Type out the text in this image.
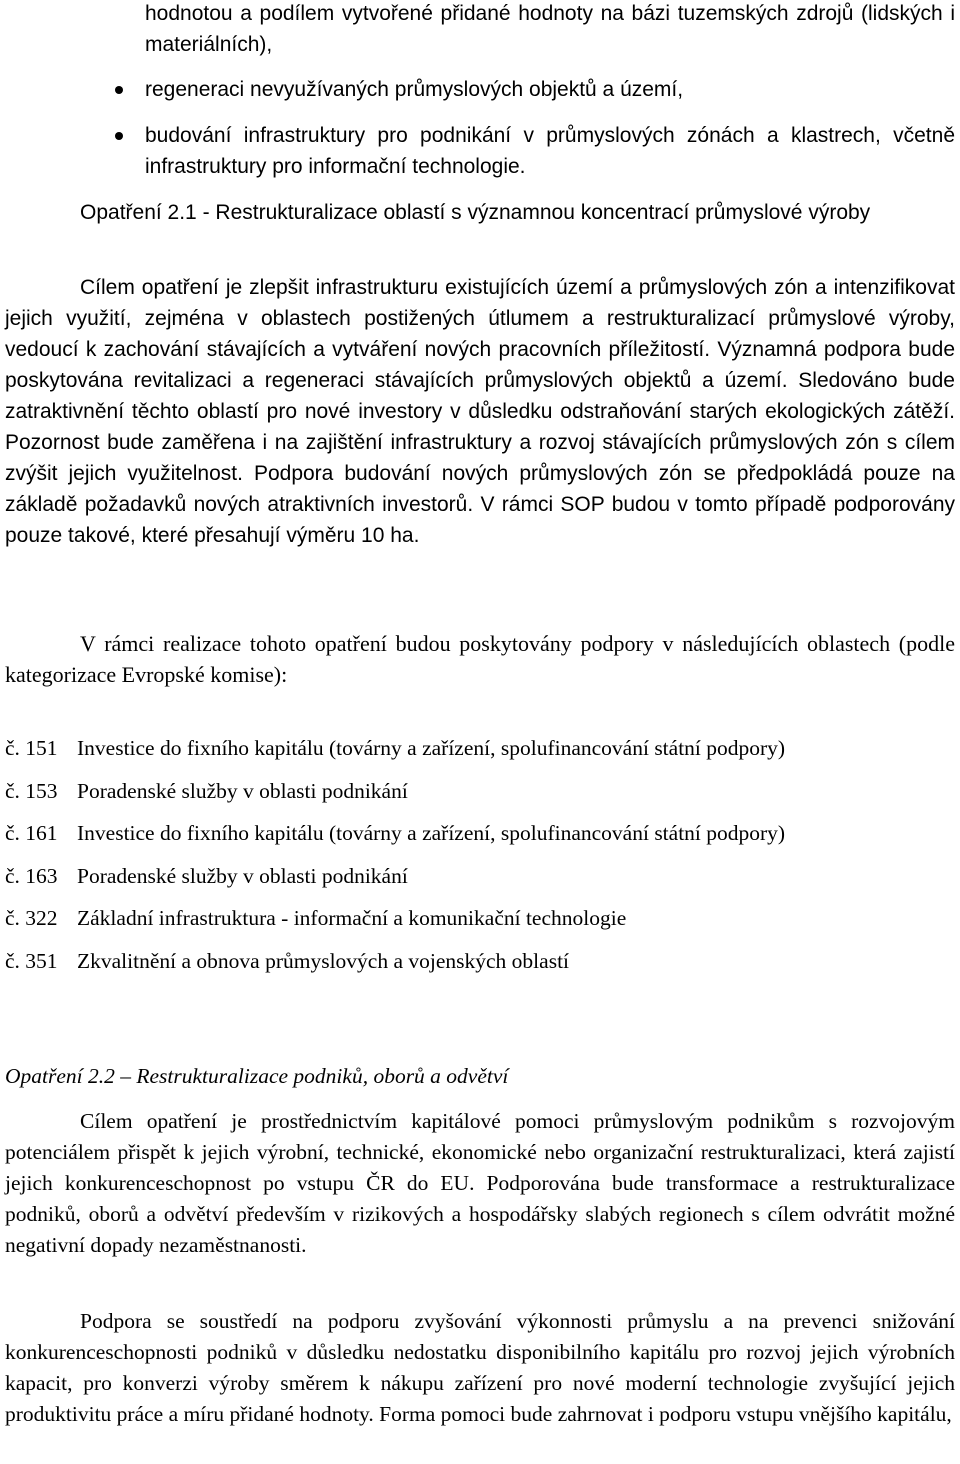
hodnotou a podílem vytvořené přidané hodnoty na bázi tuzemských zdrojů (lidských i materiálních),

regeneraci nevyužívaných průmyslových objektů a území,

budování infrastruktury pro podnikání v průmyslových zónách a klastrech, včetně infrastruktury pro informační technologie.

Opatření 2.1 - Restrukturalizace oblastí s významnou koncentrací průmyslové výroby

Cílem opatření je zlepšit infrastrukturu existujících území a průmyslových zón a intenzifikovat jejich využití, zejména v oblastech postižených útlumem a restrukturalizací průmyslové výroby, vedoucí k zachování stávajících a vytváření nových pracovních příležitostí. Významná podpora bude poskytována revitalizaci a regeneraci stávajících průmyslových objektů a území. Sledováno bude zatraktivnění těchto oblastí pro nové investory v důsledku odstraňování starých ekologických zátěží. Pozornost bude zaměřena i na zajištění infrastruktury a rozvoj stávajících průmyslových zón s cílem zvýšit jejich využitelnost. Podpora budování nových průmyslových zón se předpokládá pouze na základě požadavků nových atraktivních investorů. V rámci SOP budou v tomto případě podporovány pouze takové, které přesahují výměru 10 ha.

V rámci realizace tohoto opatření budou poskytovány podpory v následujících oblastech (podle kategorizace Evropské komise):

č. 151 Investice do fixního kapitálu (továrny a zařízení, spolufinancování státní podpory)
č. 153 Poradenské služby v oblasti podnikání
č. 161 Investice do fixního kapitálu (továrny a zařízení, spolufinancování státní podpory)
č. 163 Poradenské služby v oblasti podnikání
č. 322 Základní infrastruktura - informační a komunikační technologie
č. 351 Zkvalitnění a obnova průmyslových a vojenských oblastí

Opatření 2.2 – Restrukturalizace podniků, oborů a odvětví

Cílem opatření je prostřednictvím kapitálové pomoci průmyslovým podnikům s rozvojovým potenciálem přispět k jejich výrobní, technické, ekonomické nebo organizační restrukturalizaci, která zajistí jejich konkurenceschopnost po vstupu ČR do EU. Podporována bude transformace a restrukturalizace podniků, oborů a odvětví především v rizikových a hospodářsky slabých regionech s cílem odvrátit možné negativní dopady nezaměstnanosti.

Podpora se soustředí na podporu zvyšování výkonnosti průmyslu a na prevenci snižování konkurenceschopnosti podniků v důsledku nedostatku disponibilního kapitálu pro rozvoj jejich výrobních kapacit, pro konverzi výroby směrem k nákupu zařízení pro nové moderní technologie zvyšující jejich produktivitu práce a míru přidané hodnoty. Forma pomoci bude zahrnovat i podporu vstupu vnějšího kapitálu,
